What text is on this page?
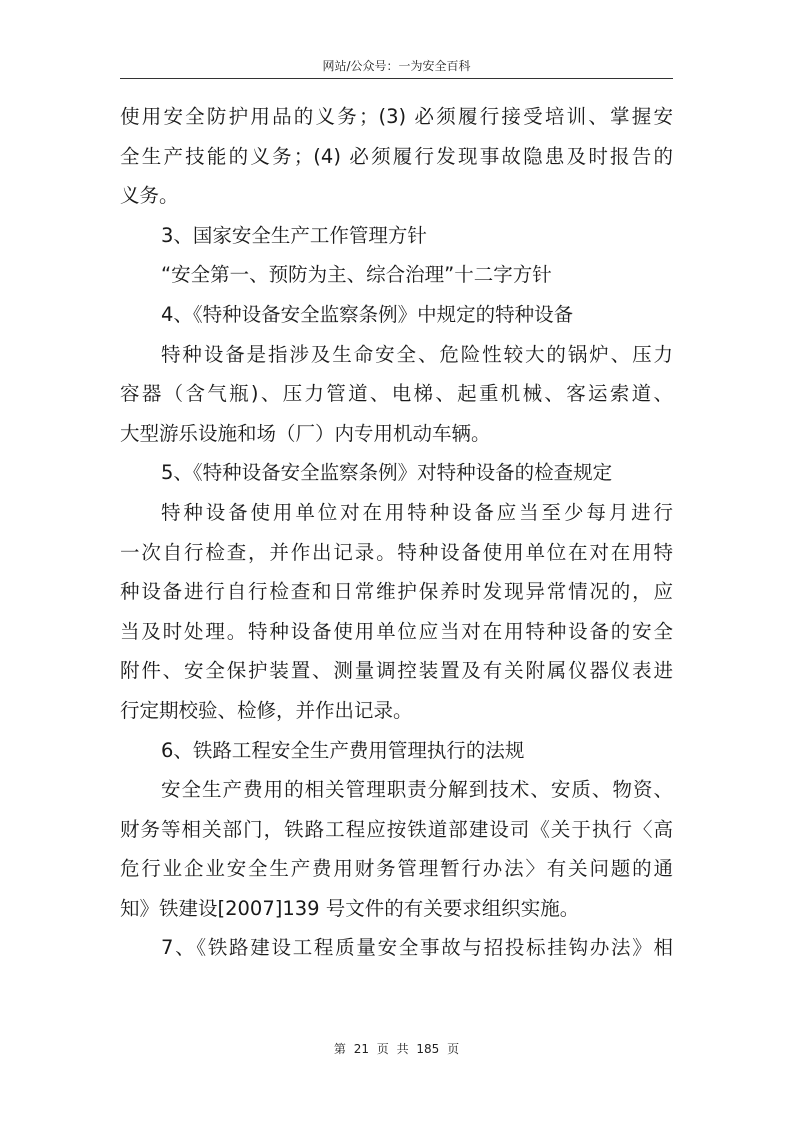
网站/公众号：一为安全百科
使用安全防护用品的义务；(3) 必须履行接受培训、掌握安
全生产技能的义务；(4) 必须履行发现事故隐患及时报告的
义务。
3、国家安全生产工作管理方针
“安全第一、预防为主、综合治理”十二字方针
4、《特种设备安全监察条例》中规定的特种设备
特种设备是指涉及生命安全、危险性较大的锅炉、压力
容器（含气瓶)、压力管道、电梯、起重机械、客运索道、
大型游乐设施和场（厂）内专用机动车辆。
5、《特种设备安全监察条例》对特种设备的检查规定
特种设备使用单位对在用特种设备应当至少每月进行
一次自行检查，并作出记录。特种设备使用单位在对在用特
种设备进行自行检查和日常维护保养时发现异常情况的，应
当及时处理。特种设备使用单位应当对在用特种设备的安全
附件、安全保护装置、测量调控装置及有关附属仪器仪表进
行定期校验、检修，并作出记录。
6、铁路工程安全生产费用管理执行的法规
安全生产费用的相关管理职责分解到技术、安质、物资、
财务等相关部门，铁路工程应按铁道部建设司《关于执行〈高
危行业企业安全生产费用财务管理暂行办法〉有关问题的通
知》铁建设[2007]139 号文件的有关要求组织实施。
7、《铁路建设工程质量安全事故与招投标挂钩办法》相
第 21 页 共 185 页
